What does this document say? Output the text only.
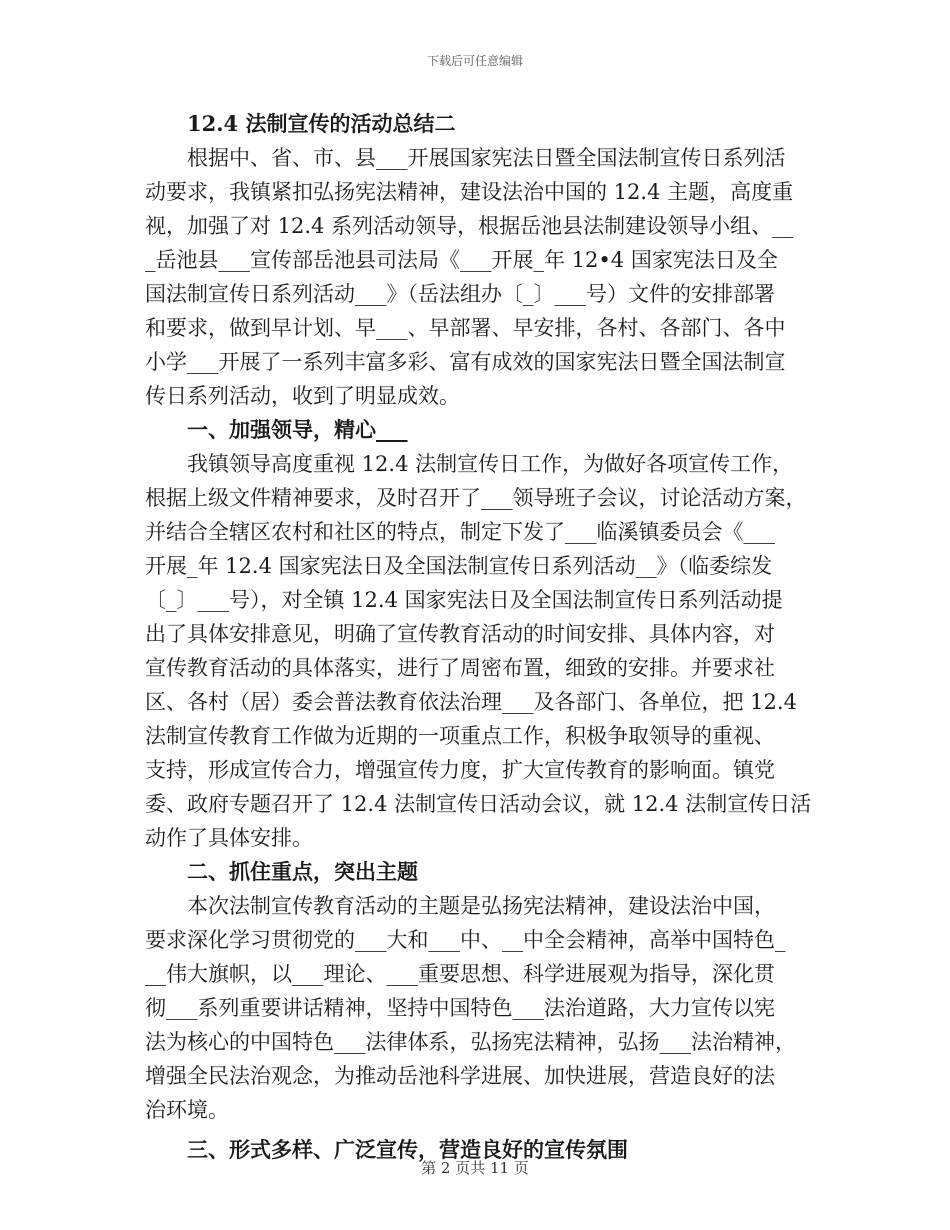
下载后可任意编辑
12.4 法制宣传的活动总结二
根据中、省、市、县___开展国家宪法日暨全国法制宣传日系列活
动要求，我镇紧扣弘扬宪法精神，建设法治中国的 12.4 主题，高度重
视，加强了对 12.4 系列活动领导，根据岳池县法制建设领导小组、__
_岳池县___宣传部岳池县司法局《___开展_年 12•4 国家宪法日及全
国法制宣传日系列活动___》（岳法组办〔_〕___号）文件的安排部署
和要求，做到早计划、早___、早部署、早安排，各村、各部门、各中
小学___开展了一系列丰富多彩、富有成效的国家宪法日暨全国法制宣
传日系列活动，收到了明显成效。
一、加强领导，精心___
我镇领导高度重视 12.4 法制宣传日工作，为做好各项宣传工作，
根据上级文件精神要求，及时召开了___领导班子会议，讨论活动方案，
并结合全辖区农村和社区的特点，制定下发了___临溪镇委员会《___
开展_年 12.4 国家宪法日及全国法制宣传日系列活动__》（临委综发
〔_〕___号），对全镇 12.4 国家宪法日及全国法制宣传日系列活动提
出了具体安排意见，明确了宣传教育活动的时间安排、具体内容，对
宣传教育活动的具体落实，进行了周密布置，细致的安排。并要求社
区、各村（居）委会普法教育依法治理___及各部门、各单位，把 12.4
法制宣传教育工作做为近期的一项重点工作，积极争取领导的重视、
支持，形成宣传合力，增强宣传力度，扩大宣传教育的影响面。镇党
委、政府专题召开了 12.4 法制宣传日活动会议，就 12.4 法制宣传日活
动作了具体安排。
二、抓住重点，突出主题
本次法制宣传教育活动的主题是弘扬宪法精神，建设法治中国，
要求深化学习贯彻党的___大和___中、__中全会精神，高举中国特色_
__伟大旗帜，以___理论、___重要思想、科学进展观为指导，深化贯
彻___系列重要讲话精神，坚持中国特色___法治道路，大力宣传以宪
法为核心的中国特色___法律体系，弘扬宪法精神，弘扬___法治精神，
增强全民法治观念，为推动岳池科学进展、加快进展，营造良好的法
治环境。
三、形式多样、广泛宣传，营造良好的宣传氛围
第 2 页共 11 页
